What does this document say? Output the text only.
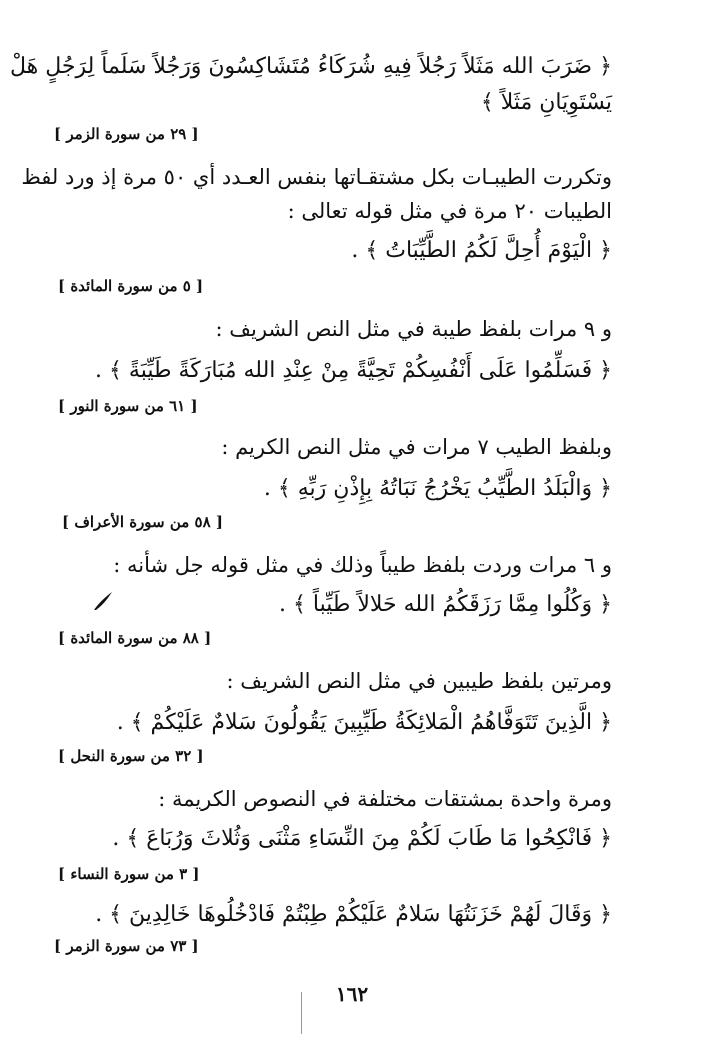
﴿ ضَرَبَ الله مَثَلاً رَجُلاً فِيهِ شُرَكَاءُ مُتَشَاكِسُونَ وَرَجُلاً سَلَماً لِرَجُلٍ هَلْ
يَسْتَوِيَانِ مَثَلاً ﴾
[ ٢٩ من سورة الزمر ]
وتكررت الطيبـات بكل مشتقـاتها بنفس العـدد أي ٥٠ مرة إذ ورد لفظ
الطيبات ٢٠ مرة في مثل قوله تعالى :
﴿ الْيَوْمَ أُحِلَّ لَكُمُ الطَّيِّبَاتُ ﴾ .
[ ٥ من سورة المائدة ]
و ٩ مرات بلفظ طيبة في مثل النص الشريف :
﴿ فَسَلِّمُوا عَلَى أَنْفُسِكُمْ تَحِيَّةً مِنْ عِنْدِ الله مُبَارَكَةً طَيِّبَةً ﴾ .
[ ٦١ من سورة النور ]
وبلفظ الطيب ٧ مرات في مثل النص الكريم :
﴿ وَالْبَلَدُ الطَّيِّبُ يَخْرُجُ نَبَاتُهُ بِإِذْنِ رَبِّهِ ﴾ .
[ ٥٨ من سورة الأعراف ]
و ٦ مرات وردت بلفظ طيباً وذلك في مثل قوله جل شأنه :
﴿ وَكُلُوا مِمَّا رَزَقَكُمُ الله حَلالاً طَيِّباً ﴾ .
[ ٨٨ من سورة المائدة ]
ومرتين بلفظ طيبين في مثل النص الشريف :
﴿ الَّذِينَ تَتَوَفَّاهُمُ الْمَلائِكَةُ طَيِّبِينَ يَقُولُونَ سَلامٌ عَلَيْكُمْ ﴾ .
[ ٣٢ من سورة النحل ]
ومرة واحدة بمشتقات مختلفة في النصوص الكريمة :
﴿ فَانْكِحُوا مَا طَابَ لَكُمْ مِنَ النِّسَاءِ مَثْنَى وَثُلاثَ وَرُبَاعَ ﴾ .
[ ٣ من سورة النساء ]
﴿ وَقَالَ لَهُمْ خَزَنَتُهَا سَلامٌ عَلَيْكُمْ طِبْتُمْ فَادْخُلُوهَا خَالِدِينَ ﴾ .
[ ٧٣ من سورة الزمر ]
١٦٢
